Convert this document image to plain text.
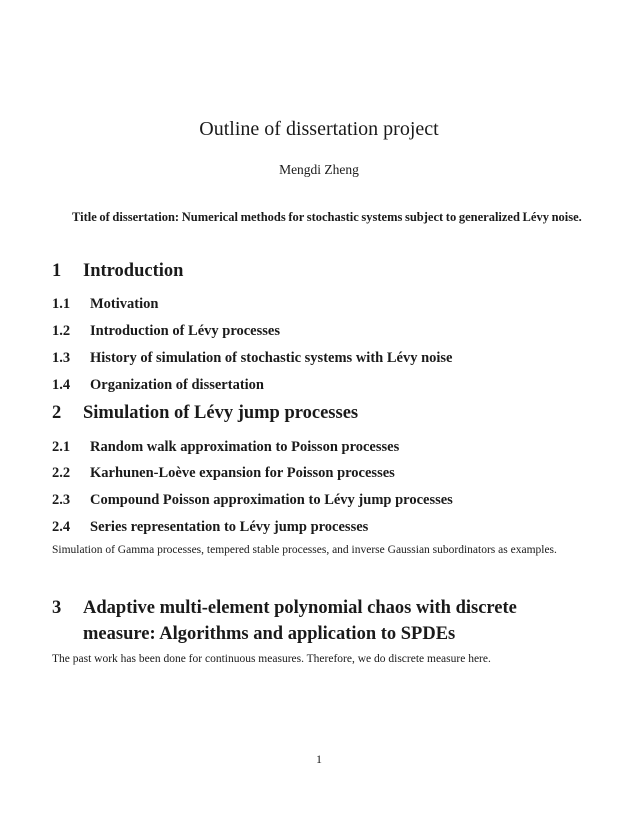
Outline of dissertation project
Mengdi Zheng
Title of dissertation: Numerical methods for stochastic systems subject to generalized Lévy noise.
1 Introduction
1.1 Motivation
1.2 Introduction of Lévy processes
1.3 History of simulation of stochastic systems with Lévy noise
1.4 Organization of dissertation
2 Simulation of Lévy jump processes
2.1 Random walk approximation to Poisson processes
2.2 Karhunen-Loève expansion for Poisson processes
2.3 Compound Poisson approximation to Lévy jump processes
2.4 Series representation to Lévy jump processes
Simulation of Gamma processes, tempered stable processes, and inverse Gaussian subordinators as examples.
3 Adaptive multi-element polynomial chaos with discrete
measure: Algorithms and application to SPDEs
The past work has been done for continuous measures. Therefore, we do discrete measure here.
1
